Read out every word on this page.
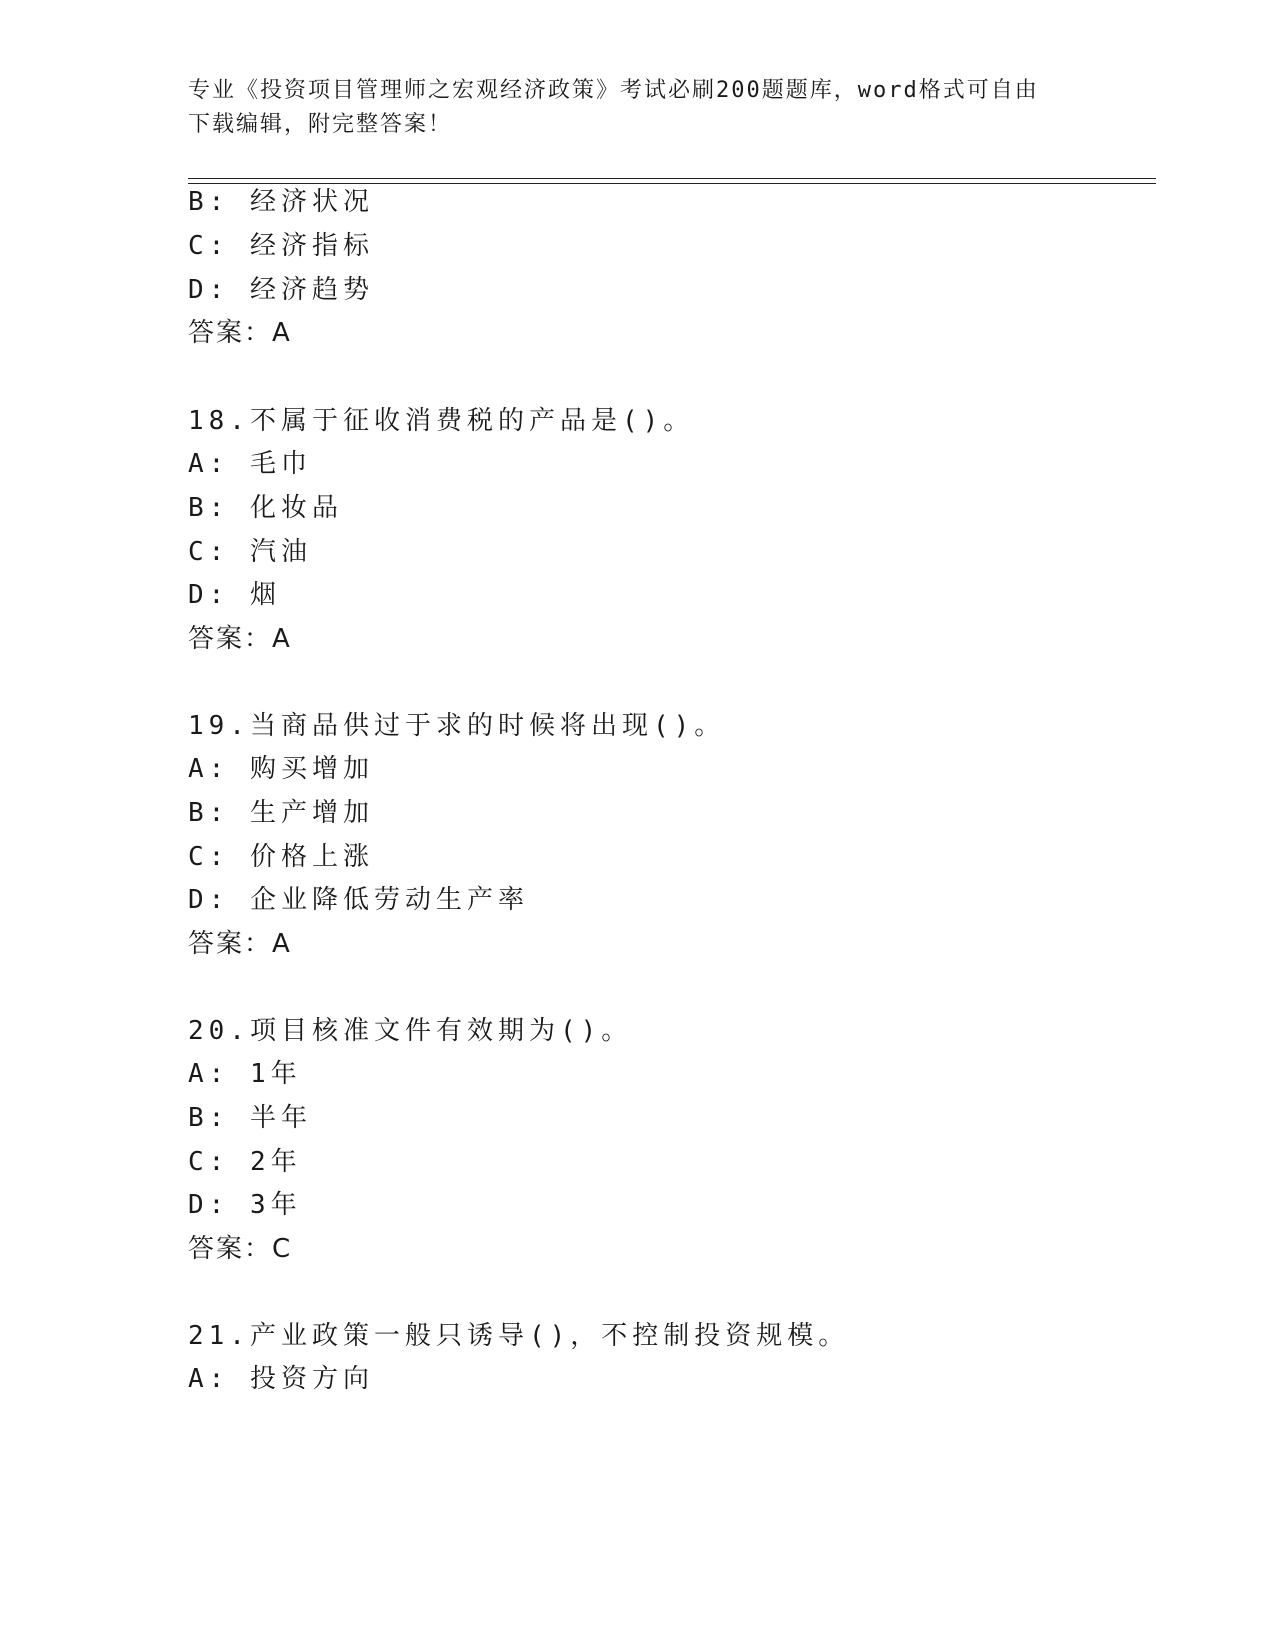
专业《投资项目管理师之宏观经济政策》考试必刷200题题库，word格式可自由
下载编辑，附完整答案！
B: 经济状况
C: 经济指标
D: 经济趋势
答案：A
18.不属于征收消费税的产品是()。
A: 毛巾
B: 化妆品
C: 汽油
D: 烟
答案：A
19.当商品供过于求的时候将出现()。
A: 购买增加
B: 生产增加
C: 价格上涨
D: 企业降低劳动生产率
答案：A
20.项目核准文件有效期为()。
A: 1年
B: 半年
C: 2年
D: 3年
答案：C
21.产业政策一般只诱导()，不控制投资规模。
A: 投资方向
